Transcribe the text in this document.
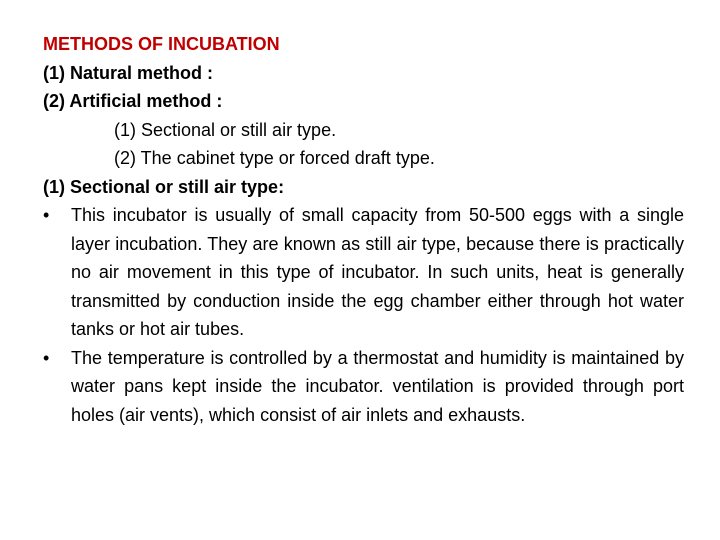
METHODS OF INCUBATION
(1) Natural method :
(2) Artificial method :
(1) Sectional or still air type.
(2) The cabinet type or forced draft type.
(1) Sectional or still air type:
• This incubator is usually of small capacity from 50-500 eggs with a single layer incubation. They are known as still air type, because there is practically no air movement in this type of incubator. In such units, heat is generally transmitted by conduction inside the egg chamber either through hot water tanks or hot air tubes.
• The temperature is controlled by a thermostat and humidity is maintained by water pans kept inside the incubator. ventilation is provided through port holes (air vents), which consist of air inlets and exhausts.
